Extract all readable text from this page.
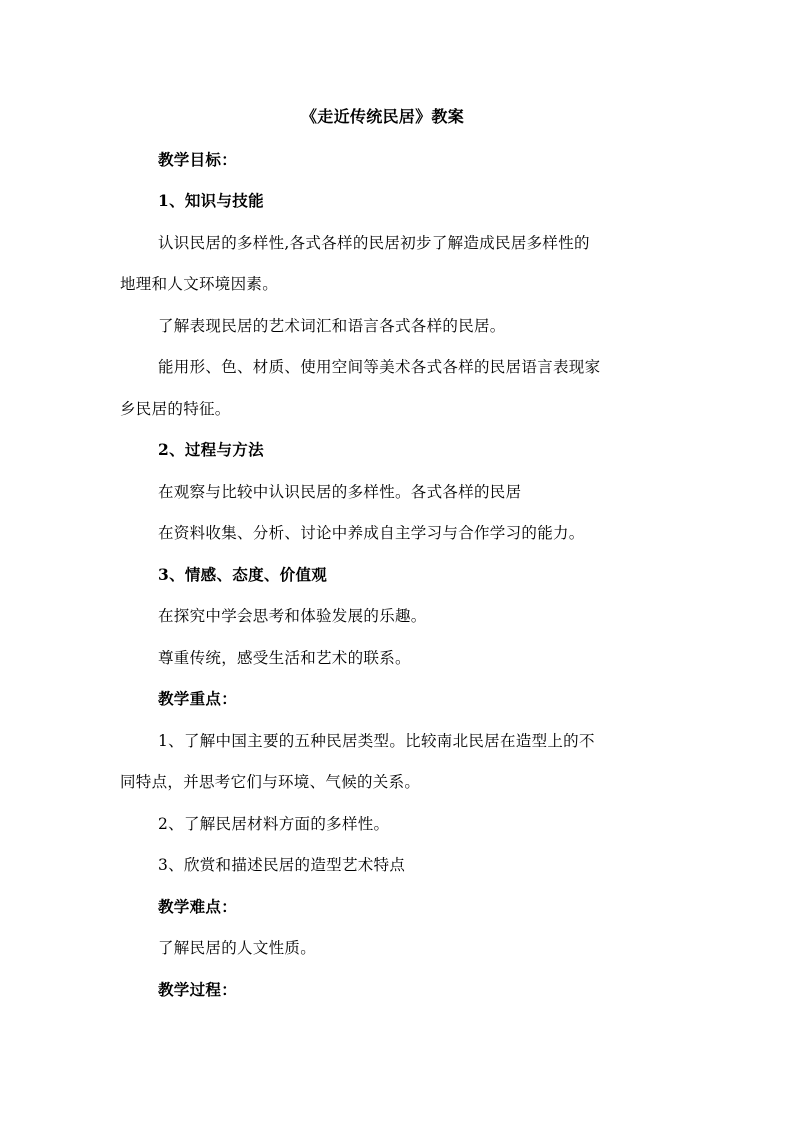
《走近传统民居》教案
教学目标：
1、知识与技能
认识民居的多样性,各式各样的民居初步了解造成民居多样性的
地理和人文环境因素。
了解表现民居的艺术词汇和语言各式各样的民居。
能用形、色、材质、使用空间等美术各式各样的民居语言表现家
乡民居的特征。
2、过程与方法
在观察与比较中认识民居的多样性。各式各样的民居
在资料收集、分析、讨论中养成自主学习与合作学习的能力。
3、情感、态度、价值观
在探究中学会思考和体验发展的乐趣。
尊重传统，感受生活和艺术的联系。
教学重点：
1、了解中国主要的五种民居类型。比较南北民居在造型上的不
同特点，并思考它们与环境、气候的关系。
2、了解民居材料方面的多样性。
3、欣赏和描述民居的造型艺术特点
教学难点：
了解民居的人文性质。
教学过程：
